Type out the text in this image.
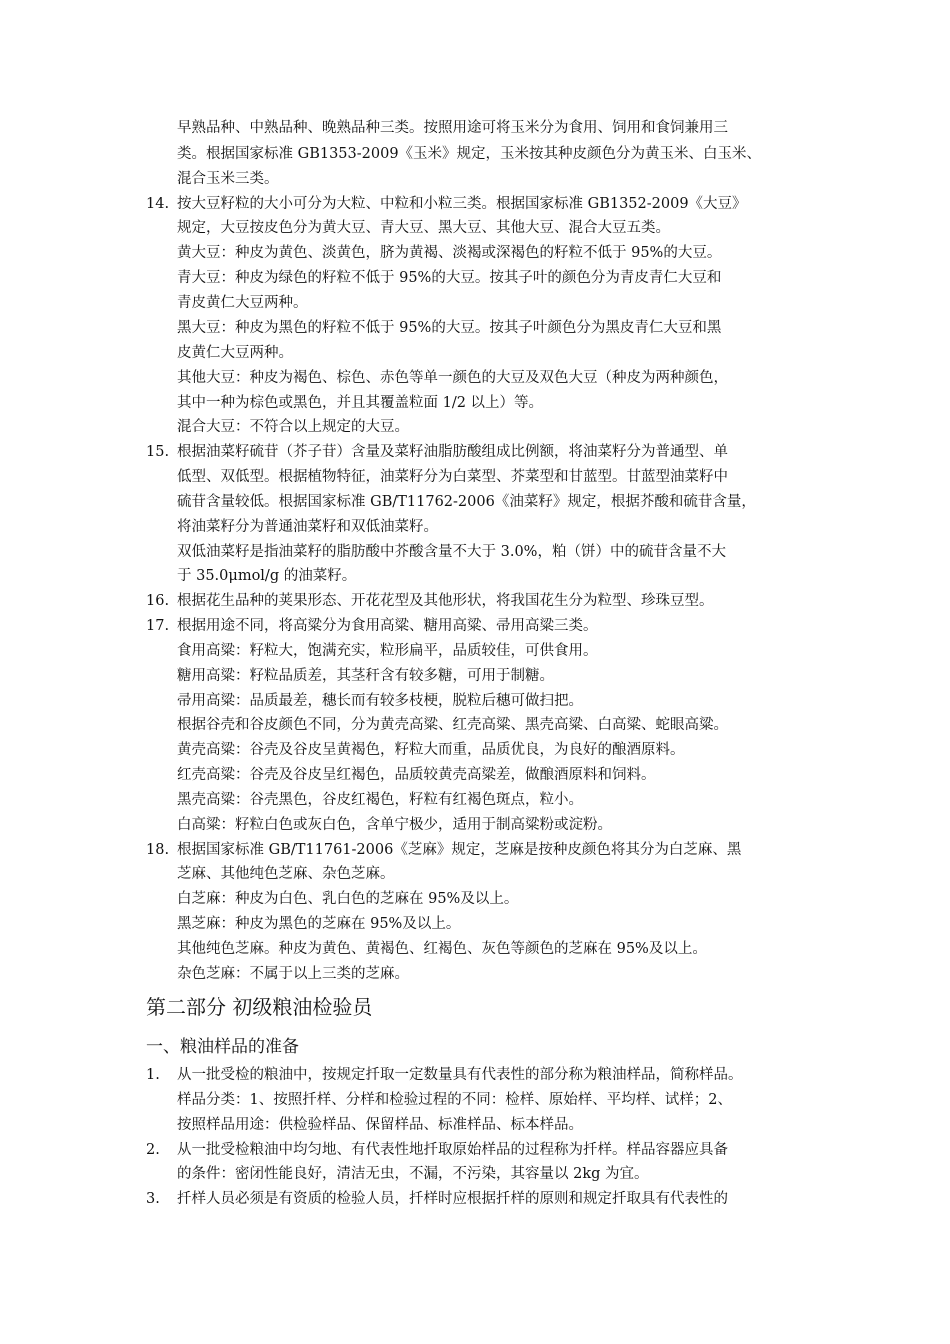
早熟品种、中熟品种、晚熟品种三类。按照用途可将玉米分为食用、饲用和食饲兼用三
类。根据国家标准 GB1353-2009《玉米》规定，玉米按其种皮颜色分为黄玉米、白玉米、
混合玉米三类。
14. 按大豆籽粒的大小可分为大粒、中粒和小粒三类。根据国家标准 GB1352-2009《大豆》
规定，大豆按皮色分为黄大豆、青大豆、黑大豆、其他大豆、混合大豆五类。
黄大豆：种皮为黄色、淡黄色，脐为黄褐、淡褐或深褐色的籽粒不低于 95%的大豆。
青大豆：种皮为绿色的籽粒不低于 95%的大豆。按其子叶的颜色分为青皮青仁大豆和
青皮黄仁大豆两种。
黑大豆：种皮为黑色的籽粒不低于 95%的大豆。按其子叶颜色分为黑皮青仁大豆和黑
皮黄仁大豆两种。
其他大豆：种皮为褐色、棕色、赤色等单一颜色的大豆及双色大豆（种皮为两种颜色，
其中一种为棕色或黑色，并且其覆盖粒面 1/2 以上）等。
混合大豆：不符合以上规定的大豆。
15. 根据油菜籽硫苷（芥子苷）含量及菜籽油脂肪酸组成比例额，将油菜籽分为普通型、单
低型、双低型。根据植物特征，油菜籽分为白菜型、芥菜型和甘蓝型。甘蓝型油菜籽中
硫苷含量较低。根据国家标准 GB/T11762-2006《油菜籽》规定，根据芥酸和硫苷含量，
将油菜籽分为普通油菜籽和双低油菜籽。
双低油菜籽是指油菜籽的脂肪酸中芥酸含量不大于 3.0%，粕（饼）中的硫苷含量不大
于 35.0μmol/g 的油菜籽。
16. 根据花生品种的荚果形态、开花花型及其他形状，将我国花生分为粒型、珍珠豆型。
17. 根据用途不同，将高粱分为食用高粱、糖用高粱、帚用高粱三类。
食用高粱：籽粒大，饱满充实，粒形扁平，品质较佳，可供食用。
糖用高粱：籽粒品质差，其茎秆含有较多糖，可用于制糖。
帚用高粱：品质最差，穗长而有较多枝梗，脱粒后穗可做扫把。
根据谷壳和谷皮颜色不同，分为黄壳高粱、红壳高粱、黑壳高粱、白高粱、蛇眼高粱。
黄壳高粱：谷壳及谷皮呈黄褐色，籽粒大而重，品质优良，为良好的酿酒原料。
红壳高粱：谷壳及谷皮呈红褐色，品质较黄壳高粱差，做酿酒原料和饲料。
黑壳高粱：谷壳黑色，谷皮红褐色，籽粒有红褐色斑点，粒小。
白高粱：籽粒白色或灰白色，含单宁极少，适用于制高粱粉或淀粉。
18. 根据国家标准 GB/T11761-2006《芝麻》规定，芝麻是按种皮颜色将其分为白芝麻、黑
芝麻、其他纯色芝麻、杂色芝麻。
白芝麻：种皮为白色、乳白色的芝麻在 95%及以上。
黑芝麻：种皮为黑色的芝麻在 95%及以上。
其他纯色芝麻。种皮为黄色、黄褐色、红褐色、灰色等颜色的芝麻在 95%及以上。
杂色芝麻：不属于以上三类的芝麻。
第二部分 初级粮油检验员
一、粮油样品的准备
1. 从一批受检的粮油中，按规定扦取一定数量具有代表性的部分称为粮油样品，简称样品。
样品分类：1、按照扦样、分样和检验过程的不同：检样、原始样、平均样、试样；2、
按照样品用途：供检验样品、保留样品、标准样品、标本样品。
2. 从一批受检粮油中均匀地、有代表性地扦取原始样品的过程称为扦样。样品容器应具备
的条件：密闭性能良好，清洁无虫，不漏，不污染，其容量以 2kg 为宜。
3. 扦样人员必须是有资质的检验人员，扦样时应根据扦样的原则和规定扦取具有代表性的
